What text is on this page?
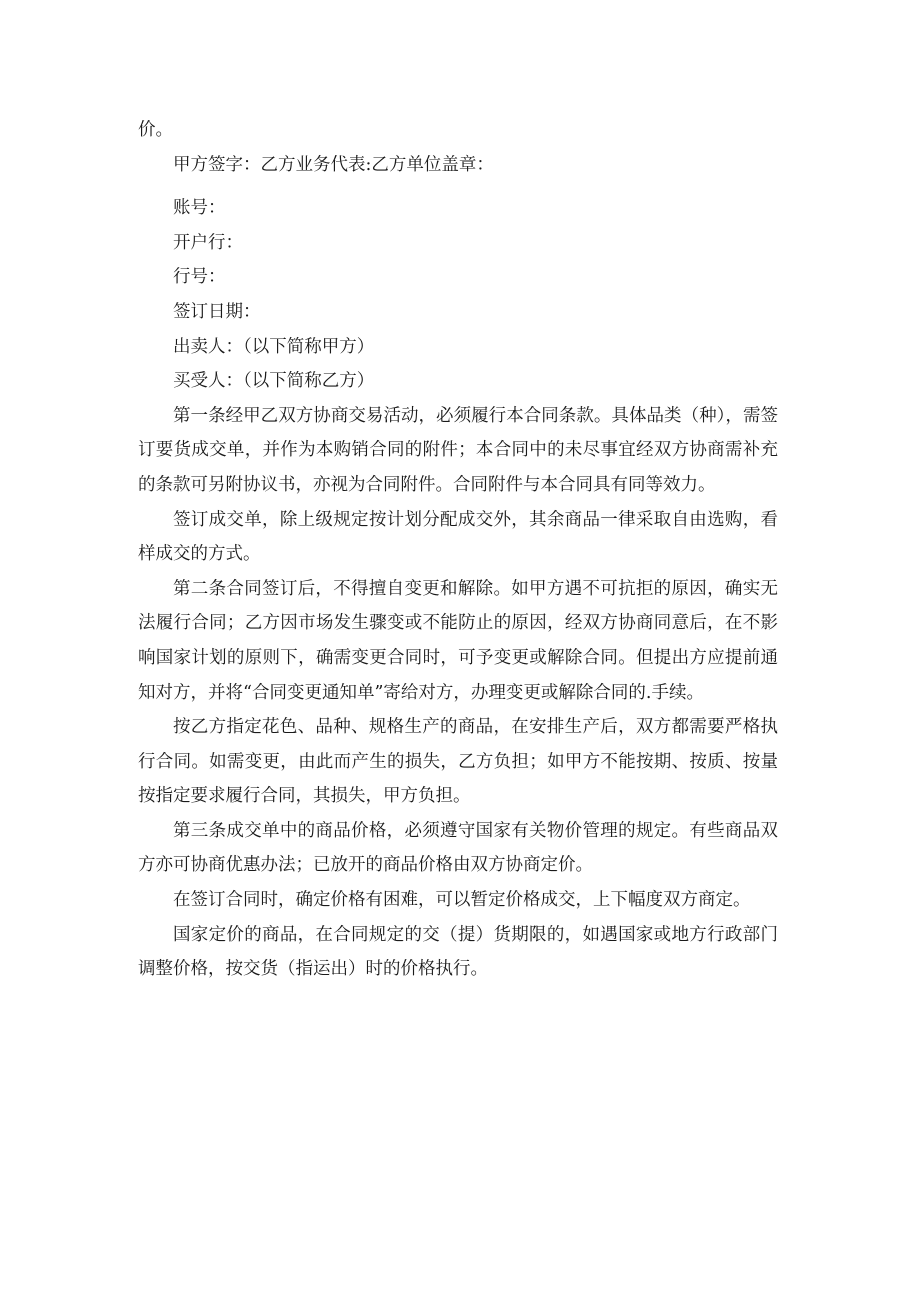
价。

甲方签字：乙方业务代表:乙方单位盖章：

账号：

开户行：

行号：

签订日期：

出卖人：（以下简称甲方）

买受人：（以下简称乙方）

第一条经甲乙双方协商交易活动，必须履行本合同条款。具体品类（种），需签订要货成交单，并作为本购销合同的附件；本合同中的未尽事宜经双方协商需补充的条款可另附协议书，亦视为合同附件。合同附件与本合同具有同等效力。

签订成交单，除上级规定按计划分配成交外，其余商品一律采取自由选购，看样成交的方式。

第二条合同签订后，不得擅自变更和解除。如甲方遇不可抗拒的原因，确实无法履行合同；乙方因市场发生骤变或不能防止的原因，经双方协商同意后，在不影响国家计划的原则下，确需变更合同时，可予变更或解除合同。但提出方应提前通知对方，并将“合同变更通知单”寄给对方，办理变更或解除合同的.手续。

按乙方指定花色、品种、规格生产的商品，在安排生产后，双方都需要严格执行合同。如需变更，由此而产生的损失，乙方负担；如甲方不能按期、按质、按量按指定要求履行合同，其损失，甲方负担。

第三条成交单中的商品价格，必须遵守国家有关物价管理的规定。有些商品双方亦可协商优惠办法；已放开的商品价格由双方协商定价。

在签订合同时，确定价格有困难，可以暂定价格成交，上下幅度双方商定。

国家定价的商品，在合同规定的交（提）货期限的，如遇国家或地方行政部门调整价格，按交货（指运出）时的价格执行。
